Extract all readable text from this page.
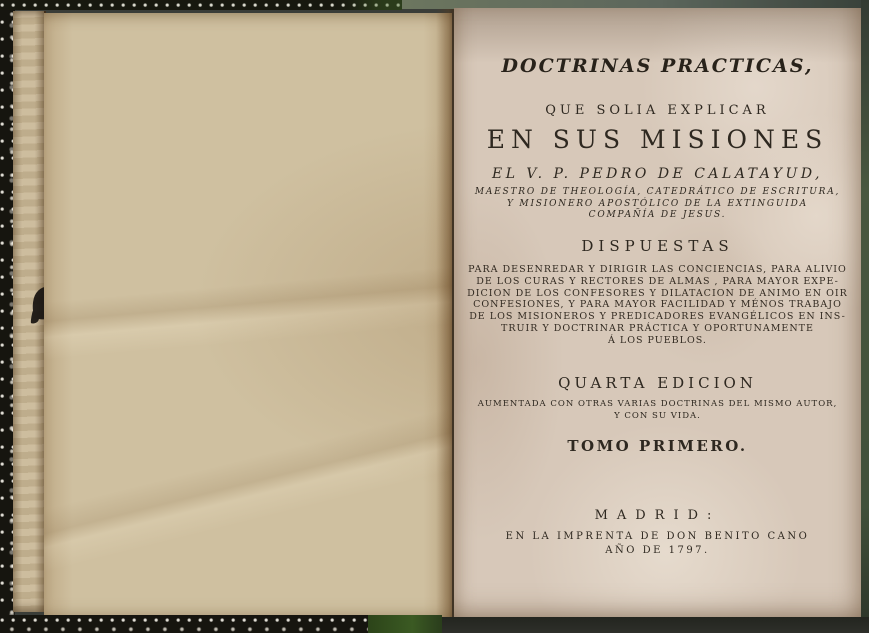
DOCTRINAS PRACTICAS,
QUE SOLIA EXPLICAR
EN SUS MISIONES
EL V. P. PEDRO DE CALATAYUD,
MAESTRO DE THEOLOGÍA, CATEDRÁTICO DE ESCRITURA,
Y MISIONERO APOSTÓLICO DE LA EXTINGUIDA
COMPAÑÍA DE JESUS.
DISPUESTAS
PARA DESENREDAR Y DIRIGIR LAS CONCIENCIAS, PARA ALIVIO
DE LOS CURAS Y RECTORES DE ALMAS , PARA MAYOR EXPE-
DICION DE LOS CONFESORES Y DILATACION DE ANIMO EN OIR
CONFESIONES, Y PARA MAYOR FACILIDAD Y MÉNOS TRABAJO
DE LOS MISIONEROS Y PREDICADORES EVANGÉLICOS EN INS-
TRUIR Y DOCTRINAR PRÁCTICA Y OPORTUNAMENTE
Á LOS PUEBLOS.
QUARTA EDICION
AUMENTADA CON OTRAS VARIAS DOCTRINAS DEL MISMO AUTOR,
Y CON SU VIDA.
TOMO PRIMERO.
MADRID:
EN LA IMPRENTA DE DON BENITO CANO
AÑO DE 1797.
